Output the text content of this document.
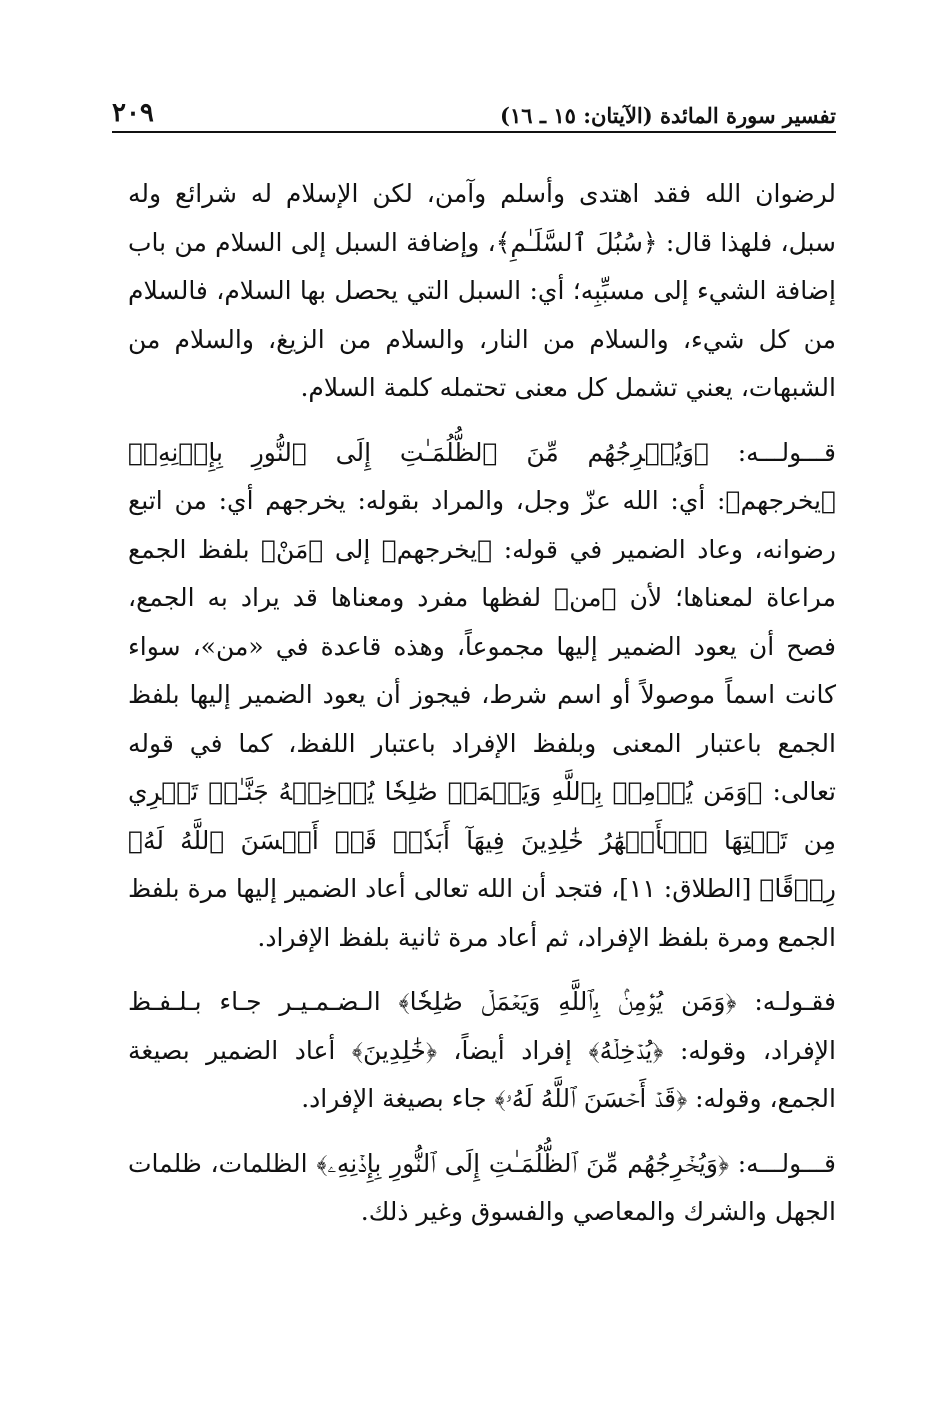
تفسير سورة المائدة (الآيتان: ١٥ ـ ١٦)
٢٠٩

لرضوان الله فقد اهتدى وأسلم وآمن، لكن الإسلام له شرائع وله سبل، فلهذا قال: ﴿سُبُلَ ٱلسَّلَـٰمِ﴾، وإضافة السبل إلى السلام من باب إضافة الشيء إلى مسبِّبِه؛ أي: السبل التي يحصل بها السلام، فالسلام من كل شيء، والسلام من النار، والسلام من الزيغ، والسلام من الشبهات، يعني تشمل كل معنى تحتمله كلمة السلام.

قـــولـــه: ﴿وَيُخۡرِجُهُم مِّنَ ٱلظُّلُمَـٰتِ إِلَى ٱلنُّورِ بِإِذۡنِهِۦ﴾ ﴿يخرجهم﴾: أي: الله عزّ وجل، والمراد بقوله: يخرجهم أي: من اتبع رضوانه، وعاد الضمير في قوله: ﴿يخرجهم﴾ إلى ﴿مَنْ﴾ بلفظ الجمع مراعاة لمعناها؛ لأن ﴿من﴾ لفظها مفرد ومعناها قد يراد به الجمع، فصح أن يعود الضمير إليها مجموعاً، وهذه قاعدة في «من»، سواء كانت اسماً موصولاً أو اسم شرط، فيجوز أن يعود الضمير إليها بلفظ الجمع باعتبار المعنى وبلفظ الإفراد باعتبار اللفظ، كما في قوله تعالى: ﴿وَمَن يُؤۡمِنۢ بِٱللَّهِ وَيَعۡمَلۡ صَٰلِحٗا يُدۡخِلۡهُ جَنَّـٰتٖ تَجۡرِي مِن تَحۡتِهَا ٱلۡأَنۡهَٰرُ خَٰلِدِينَ فِيهَآ أَبَدٗاۖ قَدۡ أَحۡسَنَ ٱللَّهُ لَهُۥ رِزۡقًا﴾ [الطلاق: ١١]، فتجد أن الله تعالى أعاد الضمير إليها مرة بلفظ الجمع ومرة بلفظ الإفراد، ثم أعاد مرة ثانية بلفظ الإفراد.

فقـولـه: ﴿وَمَن يُؤۡمِنۢ بِٱللَّهِ وَيَعۡمَلۡ صَٰلِحٗا﴾ الـضـمـيـر جـاء بـلـفـظ الإفراد، وقوله: ﴿يُدۡخِلۡهُ﴾ إفراد أيضاً، ﴿خَٰلِدِينَ﴾ أعاد الضمير بصيغة الجمع، وقوله: ﴿قَدۡ أَحۡسَنَ ٱللَّهُ لَهُۥ﴾ جاء بصيغة الإفراد.

قـــولـــه: ﴿وَيُخۡرِجُهُم مِّنَ ٱلظُّلُمَـٰتِ إِلَى ٱلنُّورِ بِإِذۡنِهِۦ﴾ الظلمات، ظلمات الجهل والشرك والمعاصي والفسوق وغير ذلك.
